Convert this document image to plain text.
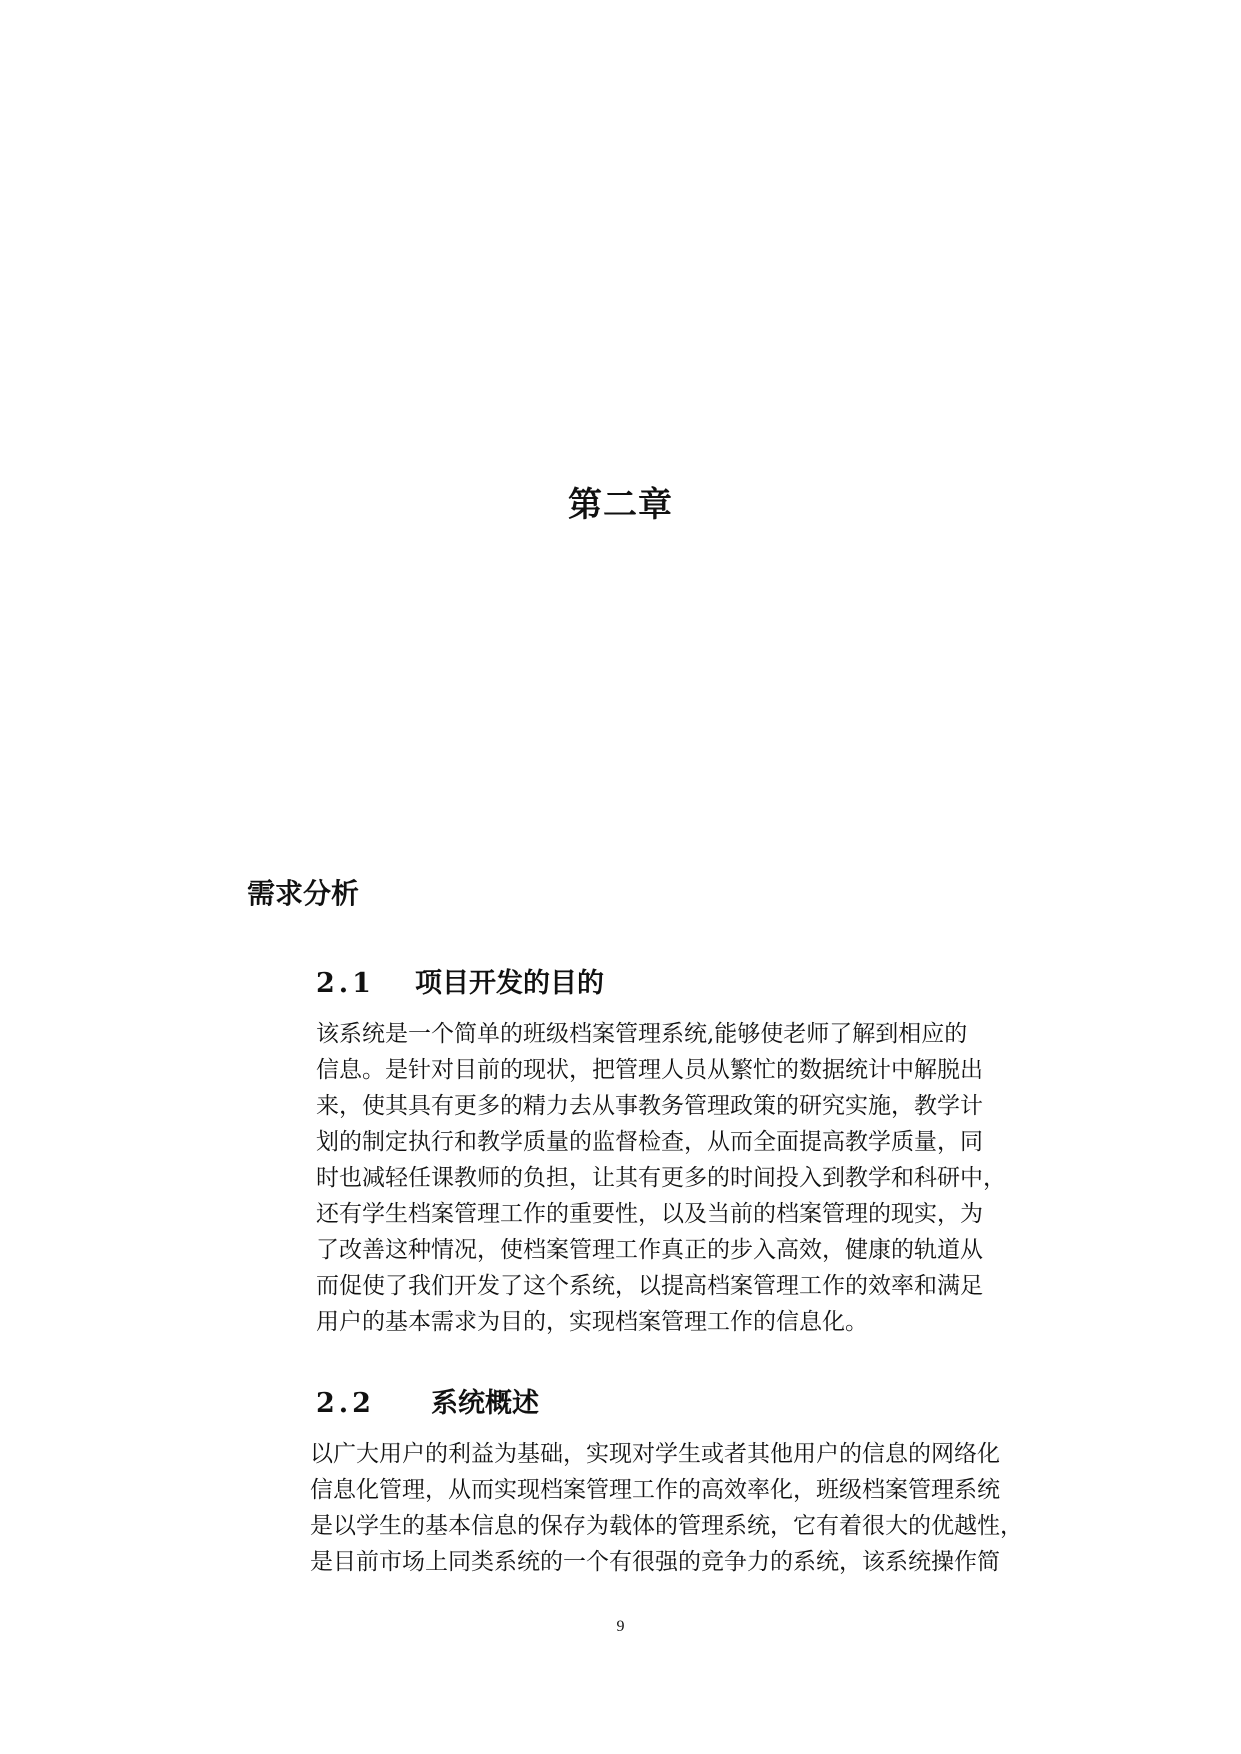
第二章
需求分析
2.1 项目开发的目的
该系统是一个简单的班级档案管理系统,能够使老师了解到相应的
信息。是针对目前的现状，把管理人员从繁忙的数据统计中解脱出
来，使其具有更多的精力去从事教务管理政策的研究实施，教学计
划的制定执行和教学质量的监督检查，从而全面提高教学质量，同
时也减轻任课教师的负担，让其有更多的时间投入到教学和科研中，
还有学生档案管理工作的重要性，以及当前的档案管理的现实，为
了改善这种情况，使档案管理工作真正的步入高效，健康的轨道从
而促使了我们开发了这个系统，以提高档案管理工作的效率和满足
用户的基本需求为目的，实现档案管理工作的信息化。
2.2 系统概述
以广大用户的利益为基础，实现对学生或者其他用户的信息的网络化
信息化管理，从而实现档案管理工作的高效率化，班级档案管理系统
是以学生的基本信息的保存为载体的管理系统，它有着很大的优越性，
是目前市场上同类系统的一个有很强的竞争力的系统，该系统操作简
9
